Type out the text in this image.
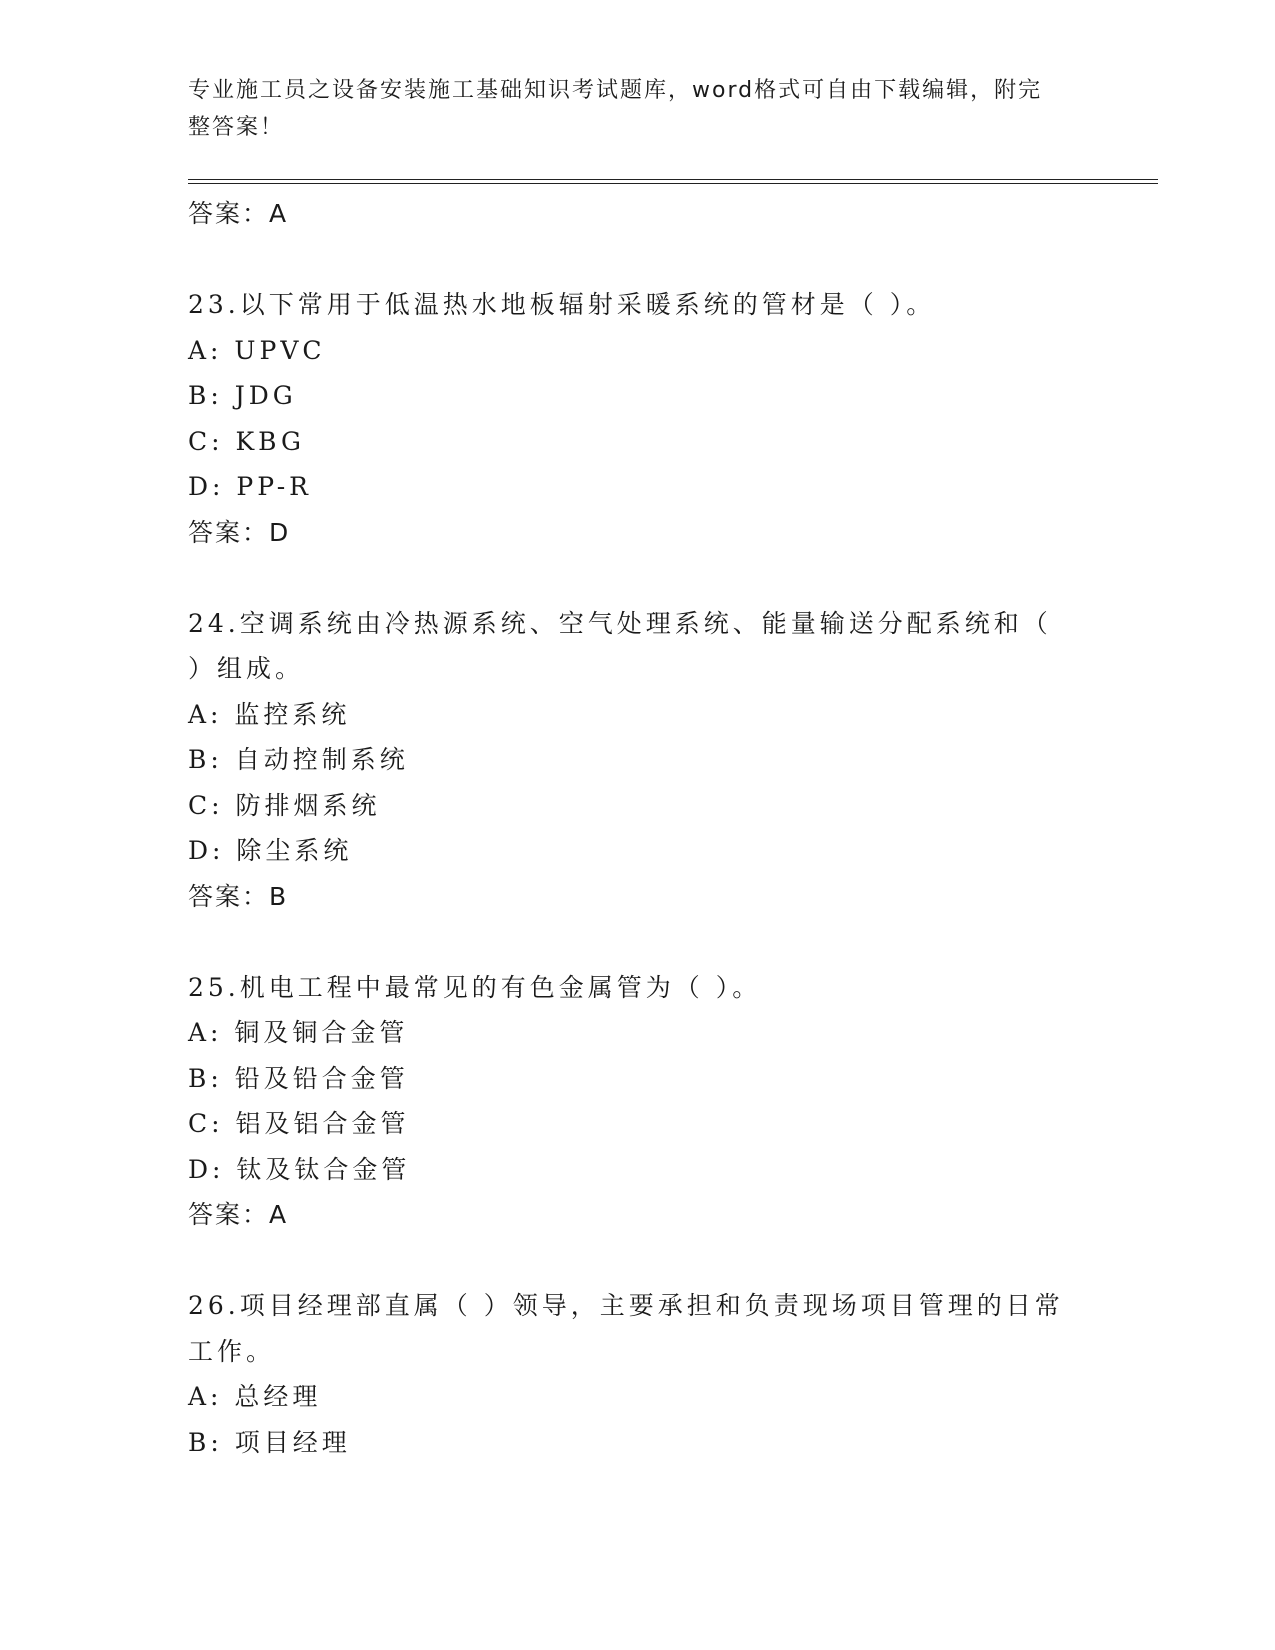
专业施工员之设备安装施工基础知识考试题库，word格式可自由下载编辑，附完
整答案！
答案：A
23.以下常用于低温热水地板辐射采暖系统的管材是（ ）。
A: UPVC
B: JDG
C: KBG
D: PP-R
答案：D
24.空调系统由冷热源系统、空气处理系统、能量输送分配系统和（
）组成。
A: 监控系统
B: 自动控制系统
C: 防排烟系统
D: 除尘系统
答案：B
25.机电工程中最常见的有色金属管为（ ）。
A: 铜及铜合金管
B: 铅及铅合金管
C: 铝及铝合金管
D: 钛及钛合金管
答案：A
26.项目经理部直属（ ）领导，主要承担和负责现场项目管理的日常
工作。
A: 总经理
B: 项目经理
